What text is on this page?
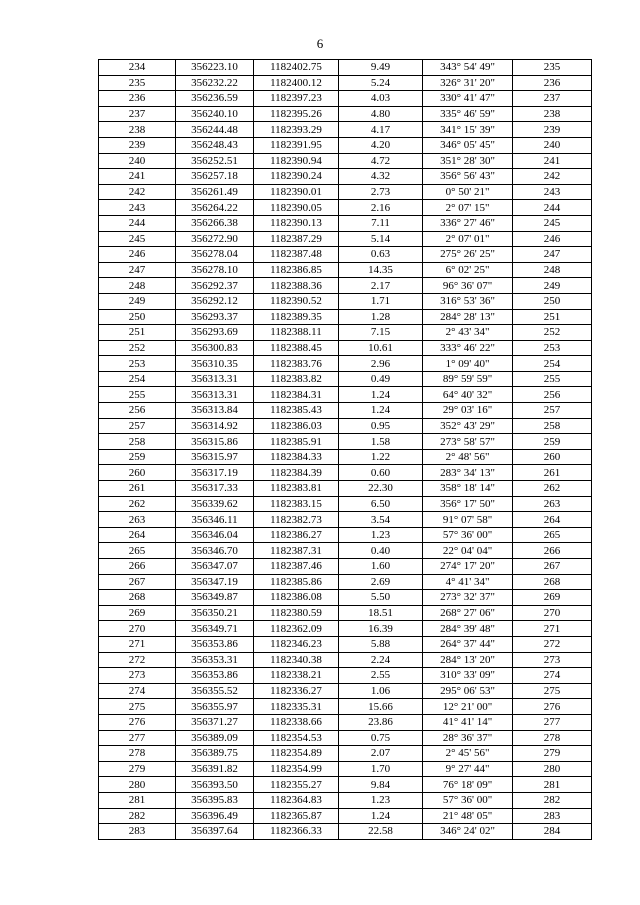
6
234	356223.10	1182402.75	9.49	343° 54' 49"	235
235	356232.22	1182400.12	5.24	326° 31' 20"	236
236	356236.59	1182397.23	4.03	330° 41' 47"	237
237	356240.10	1182395.26	4.80	335° 46' 59"	238
238	356244.48	1182393.29	4.17	341° 15' 39"	239
239	356248.43	1182391.95	4.20	346° 05' 45"	240
240	356252.51	1182390.94	4.72	351° 28' 30"	241
241	356257.18	1182390.24	4.32	356° 56' 43"	242
242	356261.49	1182390.01	2.73	0° 50' 21"	243
243	356264.22	1182390.05	2.16	2° 07' 15"	244
244	356266.38	1182390.13	7.11	336° 27' 46"	245
245	356272.90	1182387.29	5.14	2° 07' 01"	246
246	356278.04	1182387.48	0.63	275° 26' 25"	247
247	356278.10	1182386.85	14.35	6° 02' 25"	248
248	356292.37	1182388.36	2.17	96° 36' 07"	249
249	356292.12	1182390.52	1.71	316° 53' 36"	250
250	356293.37	1182389.35	1.28	284° 28' 13"	251
251	356293.69	1182388.11	7.15	2° 43' 34"	252
252	356300.83	1182388.45	10.61	333° 46' 22"	253
253	356310.35	1182383.76	2.96	1° 09' 40"	254
254	356313.31	1182383.82	0.49	89° 59' 59"	255
255	356313.31	1182384.31	1.24	64° 40' 32"	256
256	356313.84	1182385.43	1.24	29° 03' 16"	257
257	356314.92	1182386.03	0.95	352° 43' 29"	258
258	356315.86	1182385.91	1.58	273° 58' 57"	259
259	356315.97	1182384.33	1.22	2° 48' 56"	260
260	356317.19	1182384.39	0.60	283° 34' 13"	261
261	356317.33	1182383.81	22.30	358° 18' 14"	262
262	356339.62	1182383.15	6.50	356° 17' 50"	263
263	356346.11	1182382.73	3.54	91° 07' 58"	264
264	356346.04	1182386.27	1.23	57° 36' 00"	265
265	356346.70	1182387.31	0.40	22° 04' 04"	266
266	356347.07	1182387.46	1.60	274° 17' 20"	267
267	356347.19	1182385.86	2.69	4° 41' 34"	268
268	356349.87	1182386.08	5.50	273° 32' 37"	269
269	356350.21	1182380.59	18.51	268° 27' 06"	270
270	356349.71	1182362.09	16.39	284° 39' 48"	271
271	356353.86	1182346.23	5.88	264° 37' 44"	272
272	356353.31	1182340.38	2.24	284° 13' 20"	273
273	356353.86	1182338.21	2.55	310° 33' 09"	274
274	356355.52	1182336.27	1.06	295° 06' 53"	275
275	356355.97	1182335.31	15.66	12° 21' 00"	276
276	356371.27	1182338.66	23.86	41° 41' 14"	277
277	356389.09	1182354.53	0.75	28° 36' 37"	278
278	356389.75	1182354.89	2.07	2° 45' 56"	279
279	356391.82	1182354.99	1.70	9° 27' 44"	280
280	356393.50	1182355.27	9.84	76° 18' 09"	281
281	356395.83	1182364.83	1.23	57° 36' 00"	282
282	356396.49	1182365.87	1.24	21° 48' 05"	283
283	356397.64	1182366.33	22.58	346° 24' 02"	284
